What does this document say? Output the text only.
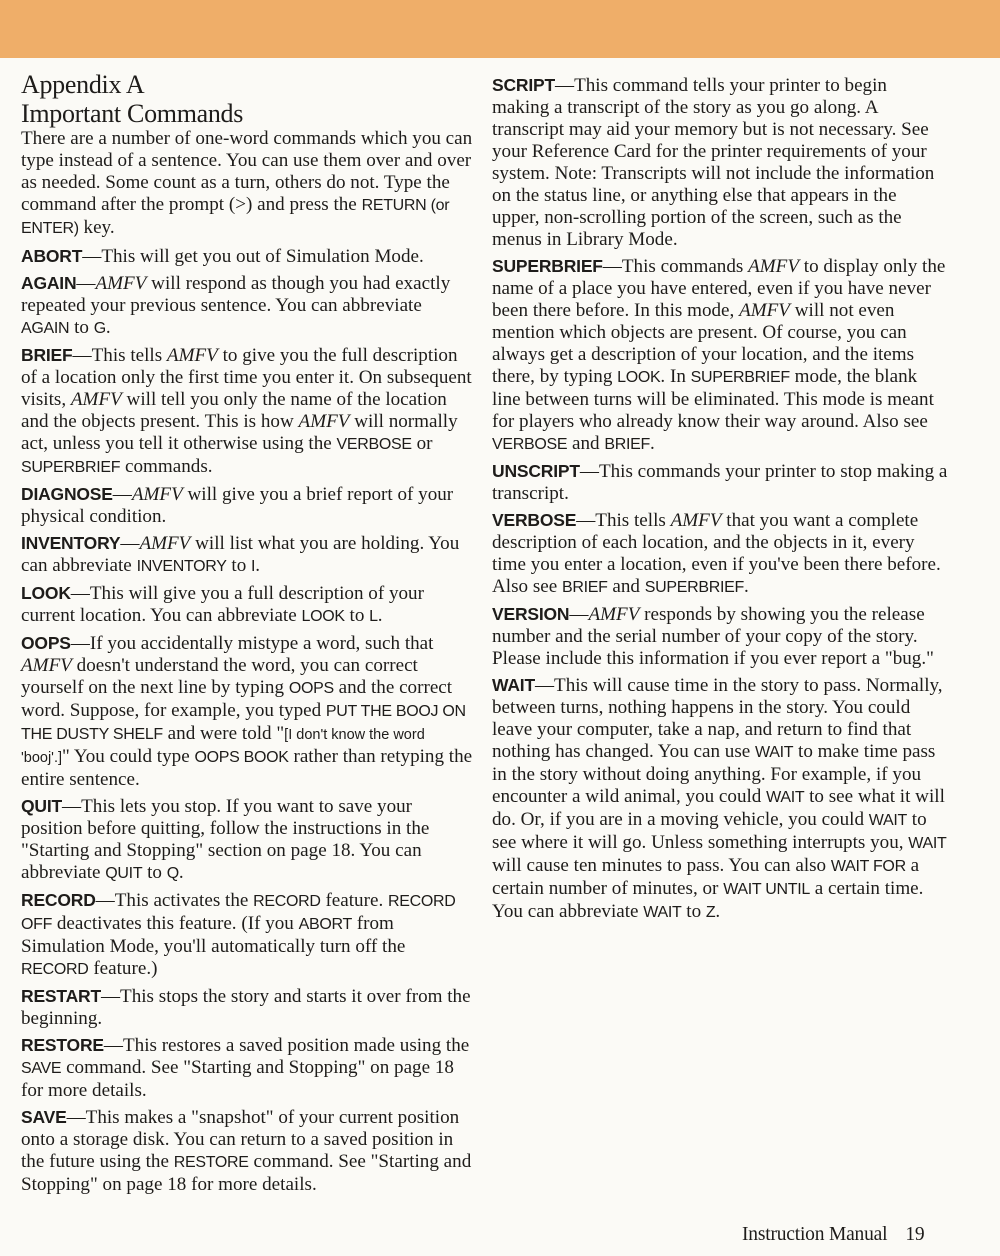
Appendix A
Important Commands

There are a number of one-word commands which you can type instead of a sentence. You can use them over and over as needed. Some count as a turn, others do not. Type the command after the prompt (>) and press the RETURN (or ENTER) key.

ABORT—This will get you out of Simulation Mode.

AGAIN—AMFV will respond as though you had exactly repeated your previous sentence. You can abbreviate AGAIN to G.

BRIEF—This tells AMFV to give you the full description of a location only the first time you enter it. On subsequent visits, AMFV will tell you only the name of the location and the objects present. This is how AMFV will normally act, unless you tell it otherwise using the VERBOSE or SUPERBRIEF commands.

DIAGNOSE—AMFV will give you a brief report of your physical condition.

INVENTORY—AMFV will list what you are holding. You can abbreviate INVENTORY to I.

LOOK—This will give you a full description of your current location. You can abbreviate LOOK to L.

OOPS—If you accidentally mistype a word, such that AMFV doesn't understand the word, you can correct yourself on the next line by typing OOPS and the correct word. Suppose, for example, you typed PUT THE BOOJ ON THE DUSTY SHELF and were told "[I don't know the word 'booj'.]" You could type OOPS BOOK rather than retyping the entire sentence.

QUIT—This lets you stop. If you want to save your position before quitting, follow the instructions in the "Starting and Stopping" section on page 18. You can abbreviate QUIT to Q.

RECORD—This activates the RECORD feature. RECORD OFF deactivates this feature. (If you ABORT from Simulation Mode, you'll automatically turn off the RECORD feature.)

RESTART—This stops the story and starts it over from the beginning.

RESTORE—This restores a saved position made using the SAVE command. See "Starting and Stopping" on page 18 for more details.

SAVE—This makes a "snapshot" of your current position onto a storage disk. You can return to a saved position in the future using the RESTORE command. See "Starting and Stopping" on page 18 for more details.

SCRIPT—This command tells your printer to begin making a transcript of the story as you go along. A transcript may aid your memory but is not necessary. See your Reference Card for the printer requirements of your system. Note: Transcripts will not include the information on the status line, or anything else that appears in the upper, non-scrolling portion of the screen, such as the menus in Library Mode.

SUPERBRIEF—This commands AMFV to display only the name of a place you have entered, even if you have never been there before. In this mode, AMFV will not even mention which objects are present. Of course, you can always get a description of your location, and the items there, by typing LOOK. In SUPERBRIEF mode, the blank line between turns will be eliminated. This mode is meant for players who already know their way around. Also see VERBOSE and BRIEF.

UNSCRIPT—This commands your printer to stop making a transcript.

VERBOSE—This tells AMFV that you want a complete description of each location, and the objects in it, every time you enter a location, even if you've been there before. Also see BRIEF and SUPERBRIEF.

VERSION—AMFV responds by showing you the release number and the serial number of your copy of the story. Please include this information if you ever report a "bug."

WAIT—This will cause time in the story to pass. Normally, between turns, nothing happens in the story. You could leave your computer, take a nap, and return to find that nothing has changed. You can use WAIT to make time pass in the story without doing anything. For example, if you encounter a wild animal, you could WAIT to see what it will do. Or, if you are in a moving vehicle, you could WAIT to see where it will go. Unless something interrupts you, WAIT will cause ten minutes to pass. You can also WAIT FOR a certain number of minutes, or WAIT UNTIL a certain time. You can abbreviate WAIT to Z.

Instruction Manual 19
